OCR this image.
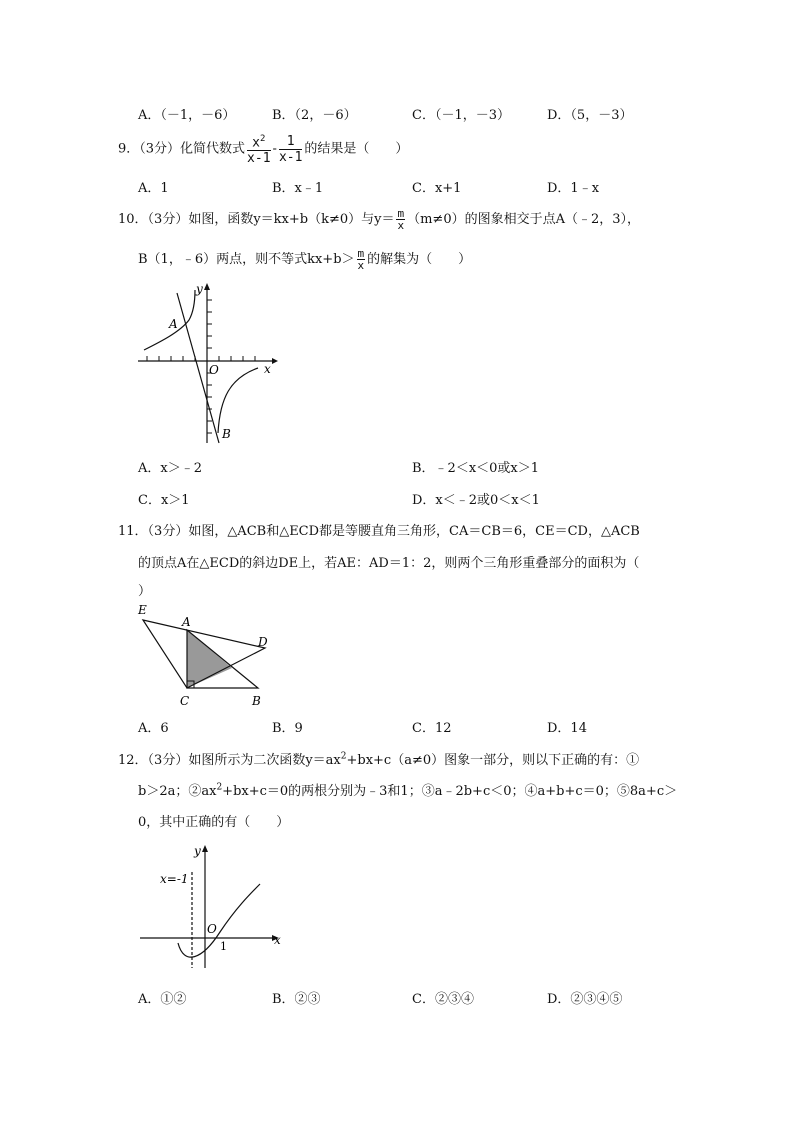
A．（－1，－6）	B．（2，－6）	C．（－1，－3）	D．（5，－3）
9．（3分）化简代数式 $\frac{x^2}{x-1} - \frac{1}{x-1}$ 的结果是（　　）
A．1	B．x﹣1	C．x+1	D．1﹣x
10．（3分）如图，函数y＝kx+b（k≠0）与$y= \frac{m}{x} (m\ne 0)$的图象相交于点A（﹣2，3），
B（1，﹣6）两点，则不等式$kx+b> \frac{m}{x}$ 的解集为（　　）
y
x
O
A
B
A．x＞﹣2	B．﹣2＜x＜0或x＞1
C．x＞1	D．x＜﹣2或0＜x＜1
11．（3分）如图，△ACB和△ECD都是等腰直角三角形，CA＝CB＝6，CE＝CD，△ACB
的顶点A在△ECD的斜边DE上，若AE：AD＝1：2，则两个三角形重叠部分的面积为（
）
E
A
D
C	B
A．6	B．9	C．12	D．14
12．（3分）如图所示为二次函数$y=ax^2+bx+c(a\ne 0)$图象一部分，则以下正确的有：①
b＞2a；$②ax^2+bx+c=0$的两根分别为﹣3和1；③a﹣2b+c＜0；④a+b+c＝0；⑤8a+c＞
0，其中正确的有（　　）
x=-1
y
x
O
1
A．①②	B．②③	C．②③④	D．②③④⑤
